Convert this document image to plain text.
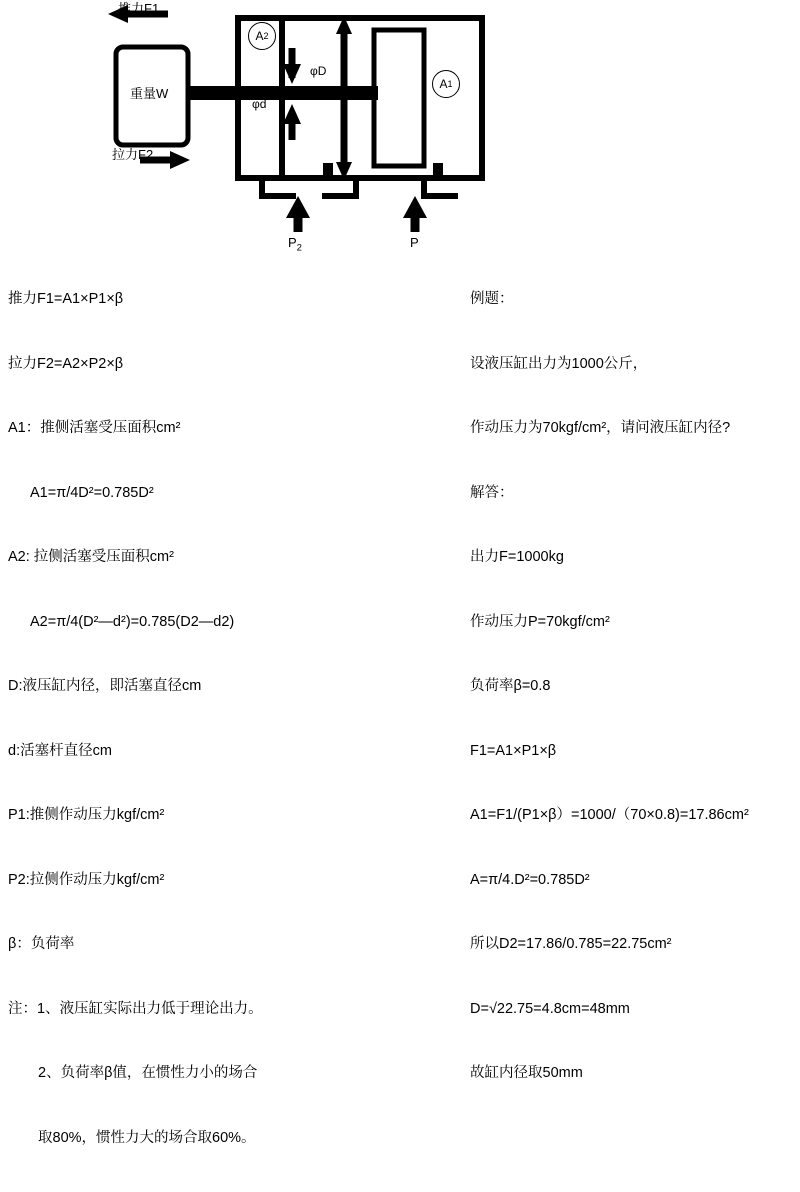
A 2
A 1
推力F1
拉力F2
重量W
φd
φD
$P_2$	P

推力F1=A1×P1×β

拉力F2=A2×P2×β

A1：推侧活塞受压面积cm²

A1=π/4D²=0.785D²

A2: 拉侧活塞受压面积cm²

A2=π/4(D²—d²)=0.785(D2—d2)

D:液压缸内径，即活塞直径cm

d:活塞杆直径cm

P1:推侧作动压力kgf/cm²

P2:拉侧作动压力kgf/cm²

β：负荷率

注：1、液压缸实际出力低于理论出力。

2、负荷率β值，在惯性力小的场合

取80%，惯性力大的场合取60%。

例题：

设液压缸出力为1000公斤，

作动压力为70kgf/cm²，请问液压缸内径?

解答：

出力F=1000kg

作动压力P=70kgf/cm²

负荷率β=0.8

F1=A1×P1×β

A1=F1/(P1×β）=1000/（70×0.8)=17.86cm²

A=π/4.D²=0.785D²

所以D2=17.86/0.785=22.75cm²

D=√22.75=4.8cm=48mm

故缸内径取50mm
